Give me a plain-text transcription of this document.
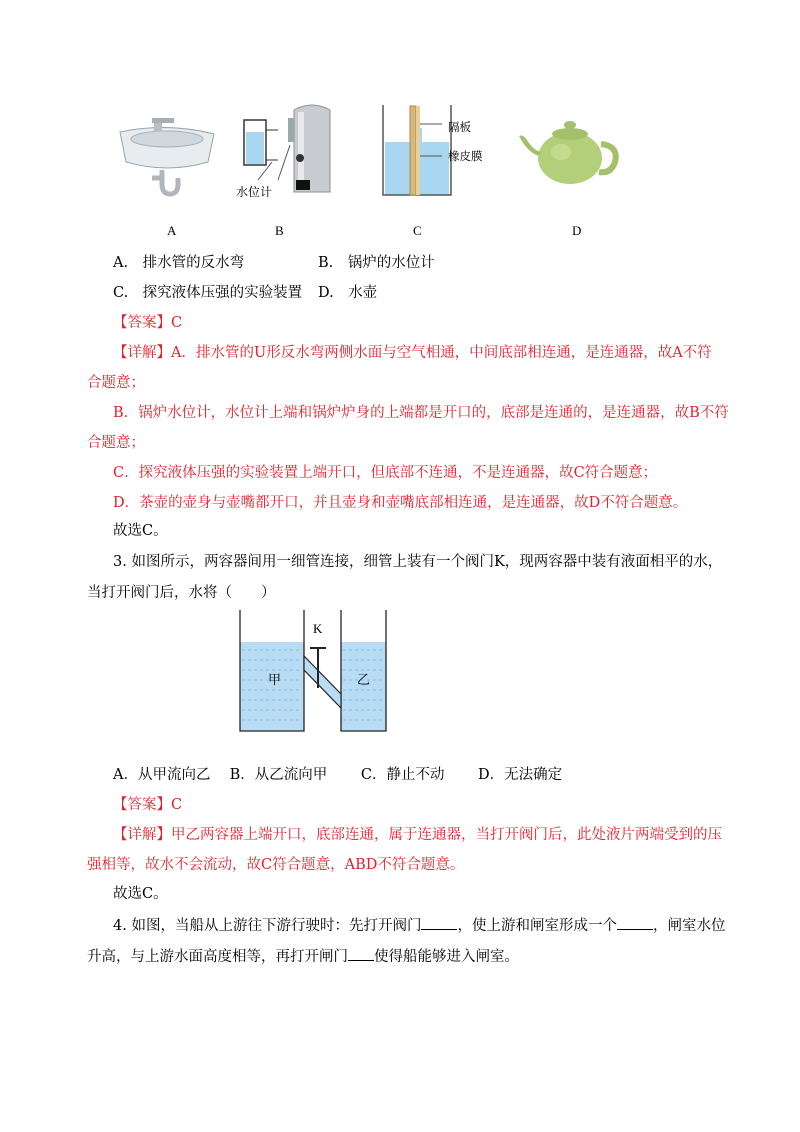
水位计
隔板
橡皮膜
A	B	C	D
A.　排水管的反水弯	B.　锅炉的水位计
C.　探究液体压强的实验装置 D.　水壶
【答案】C
【详解】A．排水管的U形反水弯两侧水面与空气相通，中间底部相连通，是连通器，故A不符
合题意；
B．锅炉水位计，水位计上端和锅炉炉身的上端都是开口的，底部是连通的，是连通器，故B不符
合题意；
C．探究液体压强的实验装置上端开口，但底部不连通，不是连通器，故C符合题意；
D．茶壶的壶身与壶嘴都开口，并且壶身和壶嘴底部相连通，是连通器，故D不符合题意。
故选C。
3. 如图所示，两容器间用一细管连接，细管上装有一个阀门K，现两容器中装有液面相平的水，
当打开阀门后，水将（　　）
K
甲	乙
A．从甲流向乙　 B．从乙流向甲　　 C．静止不动　　 D．无法确定
【答案】C
【详解】甲乙两容器上端开口，底部连通，属于连通器，当打开阀门后，此处液片两端受到的压
强相等，故水不会流动，故C符合题意，ABD不符合题意。
故选C。
4. 如图，当船从上游往下游行驶时：先打开阀门 ，使上游和闸室形成一个 ，闸室水位
升高，与上游水面高度相等，再打开闸门 使得船能够进入闸室。
